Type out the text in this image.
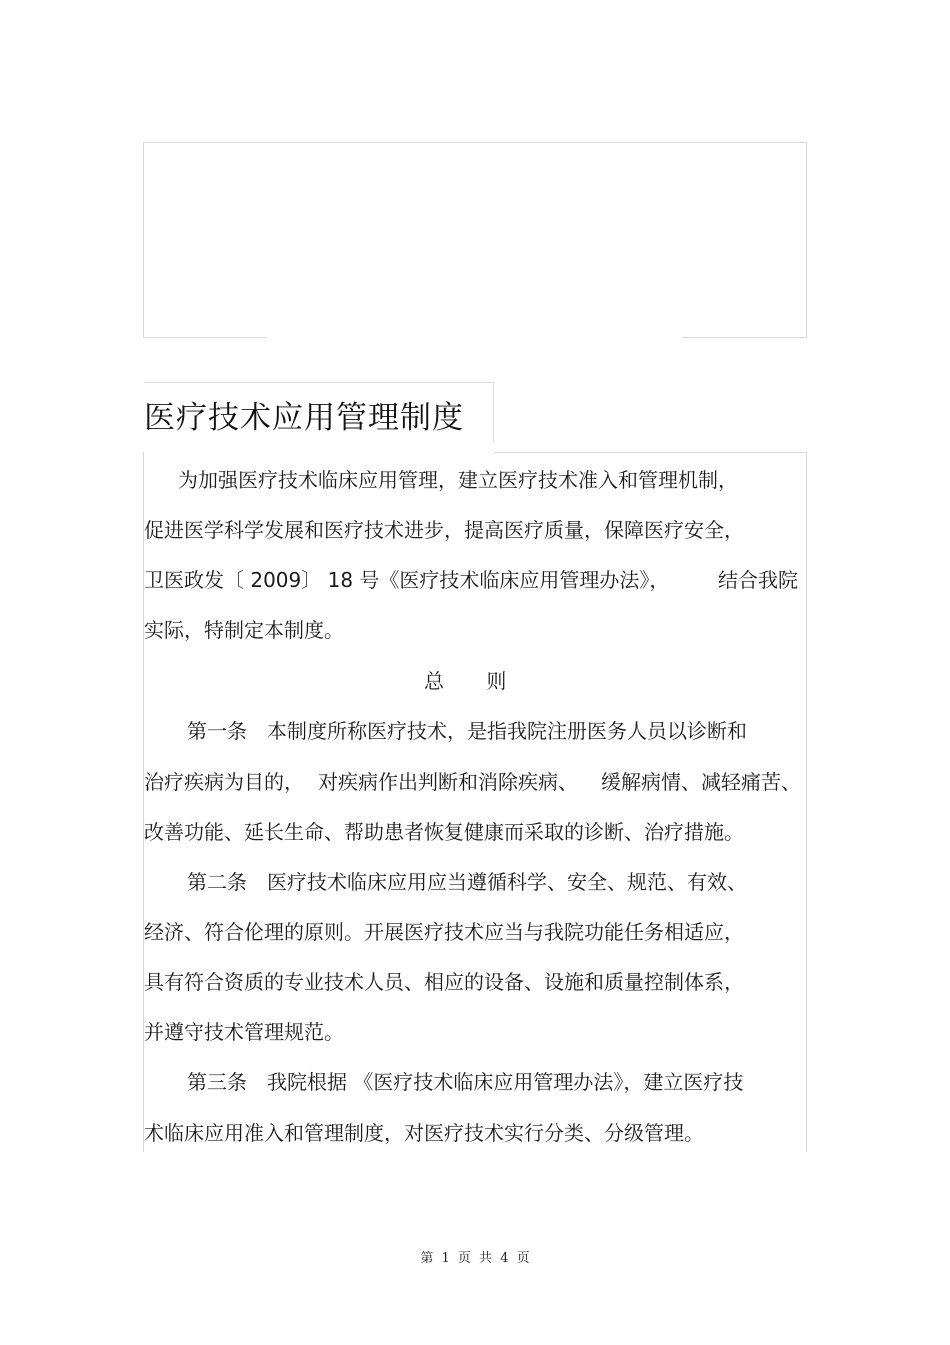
医疗技术应用管理制度
为加强医疗技术临床应用管理，建立医疗技术准入和管理机制，
促进医学科学发展和医疗技术进步，提高医疗质量，保障医疗安全，
卫医政发〔 2009〕 18 号《医疗技术临床应用管理办法》， 结合我院
实际，特制定本制度。
总 则
第一条　本制度所称医疗技术，是指我院注册医务人员以诊断和
治疗疾病为目的， 对疾病作出判断和消除疾病、 缓解病情、减轻痛苦、
改善功能、延长生命、帮助患者恢复健康而采取的诊断、治疗措施。
第二条　医疗技术临床应用应当遵循科学、安全、规范、有效、
经济、符合伦理的原则。开展医疗技术应当与我院功能任务相适应，
具有符合资质的专业技术人员、相应的设备、设施和质量控制体系，
并遵守技术管理规范。
第三条　我院根据 《医疗技术临床应用管理办法》，建立医疗技
术临床应用准入和管理制度，对医疗技术实行分类、分级管理。
第 1 页 共 4 页
